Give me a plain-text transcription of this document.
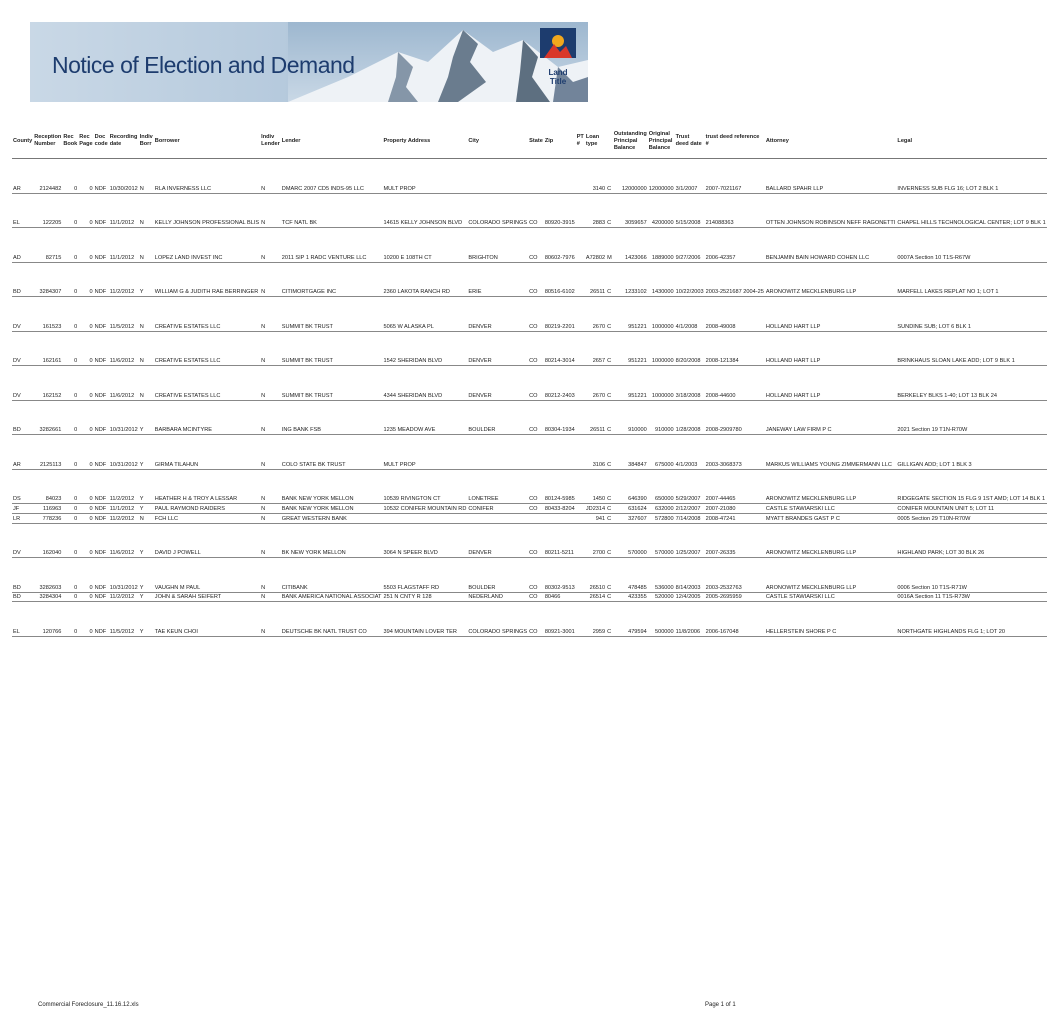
Notice of Election and Demand	Land Title
County	Reception Number	Rec Book	Rec Page	Doc code	Recording date	Indiv Borr	Borrower	Indiv Lender	Lender	Property Address	City	State	Zip	PT #	Loan type		Outstanding Principal Balance	Original Principal Balance	Trust deed date	trust deed reference #	Attorney	Legal
AR	2124482	0	0	NDF	10/30/2012	N	RLA INVERNESS LLC	N	DMARC 2007 CD5 INDS-95 LLC	MULT PROP					3140	C	12000000	12000000	3/1/2007	2007-7021167	BALLARD SPAHR LLP	INVERNESS SUB FLG 16; LOT 2 BLK 1
EL	122205	0	0	NDF	11/1/2012	N	KELLY JOHNSON PROFESSIONAL BLIS	N	TCF NATL BK	14615 KELLY JOHNSON BLVD	COLORADO SPRINGS	CO	80920-3915		2883	C	3059657	4200000	5/15/2008	214088363	OTTEN JOHNSON ROBINSON NEFF RAGONETTI	CHAPEL HILLS TECHNOLOGICAL CENTER; LOT 9 BLK 1
AD	82715	0	0	NDF	11/1/2012	N	LOPEZ LAND INVEST INC	N	2011 SIP 1 RADC VENTURE LLC	10200 E 108TH CT	BRIGHTON	CO	80602-7976		A72802	M	1423066	1889000	9/27/2006	2006-42357	BENJAMIN BAIN HOWARD COHEN LLC	0007A Section 10 T1S-R67W
BD	3284307	0	0	NDF	11/2/2012	Y	WILLIAM G & JUDITH RAE BERRINGER	N	CITIMORTGAGE INC	2360 LAKOTA RANCH RD	ERIE	CO	80516-6102		26511	C	1233102	1430000	10/22/2003	2003-2521687 2004-25	ARONOWITZ MECKLENBURG LLP	MARFELL LAKES REPLAT NO 1; LOT 1
DV	161523	0	0	NDF	11/5/2012	N	CREATIVE ESTATES LLC	N	SUMMIT BK TRUST	5065 W ALASKA PL	DENVER	CO	80219-2201		2670	C	951221	1000000	4/1/2008	2008-49008	HOLLAND HART LLP	SUNDINE SUB; LOT 6 BLK 1
DV	162161	0	0	NDF	11/6/2012	N	CREATIVE ESTATES LLC	N	SUMMIT BK TRUST	1542 SHERIDAN BLVD	DENVER	CO	80214-3014		2657	C	951221	1000000	8/20/2008	2008-121384	HOLLAND HART LLP	BRINKHAUS SLOAN LAKE ADD; LOT 9 BLK 1
DV	162152	0	0	NDF	11/6/2012	N	CREATIVE ESTATES LLC	N	SUMMIT BK TRUST	4344 SHERIDAN BLVD	DENVER	CO	80212-2403		2670	C	951221	1000000	3/18/2008	2008-44600	HOLLAND HART LLP	BERKELEY BLKS 1-40; LOT 13 BLK 24
BD	3282661	0	0	NDF	10/31/2012	Y	BARBARA MCINTYRE	N	ING BANK FSB	1235 MEADOW AVE	BOULDER	CO	80304-1934		26511	C	910000	910000	1/28/2008	2008-2909780	JANEWAY LAW FIRM P C	2021 Section 19 T1N-R70W
AR	2125113	0	0	NDF	10/31/2012	Y	GIRMA TILAHUN	N	COLO STATE BK TRUST	MULT PROP					3106	C	384847	675000	4/1/2003	2003-3068373	MARKUS WILLIAMS YOUNG ZIMMERMANN LLC	GILLIGAN ADD; LOT 1 BLK 3
DS	84023	0	0	NDF	11/2/2012	Y	HEATHER H & TROY A LESSAR	N	BANK NEW YORK MELLON	10539 RIVINGTON CT	LONETREE	CO	80124-5985		1450	C	646390	650000	5/29/2007	2007-44465	ARONOWITZ MECKLENBURG LLP	RIDGEGATE SECTION 15 FLG 9 1ST AMD; LOT 14 BLK 1
JF	116963	0	0	NDF	11/1/2012	Y	PAUL RAYMOND RAIDERS	N	BANK NEW YORK MELLON	10532 CONIFER MOUNTAIN RD	CONIFER	CO	80433-8204		JD2314	C	631624	632000	2/12/2007	2007-21080	CASTLE STAWIARSKI LLC	CONIFER MOUNTAIN UNIT 5; LOT 11
LR	778236	0	0	NDF	11/2/2012	N	FCH LLC	N	GREAT WESTERN BANK						941	C	327607	572800	7/14/2008	2008-47241	MYATT BRANDES GAST P C	0005 Section 29 T10N-R70W
DV	162040	0	0	NDF	11/6/2012	Y	DAVID J POWELL	N	BK NEW YORK MELLON	3064 N SPEER BLVD	DENVER	CO	80211-5211		2700	C	570000	570000	1/25/2007	2007-26335	ARONOWITZ MECKLENBURG LLP	HIGHLAND PARK; LOT 30 BLK 26
BD	3282603	0	0	NDF	10/31/2012	Y	VAUGHN M PAUL	N	CITIBANK	5503 FLAGSTAFF RD	BOULDER	CO	80302-9513		26510	C	478485	536000	8/14/2003	2003-2532763	ARONOWITZ MECKLENBURG LLP	0006 Section 10 T1S-R71W
BD	3284304	0	0	NDF	11/2/2012	Y	JOHN & SARAH SEIFERT	N	BANK AMERICA NATIONAL ASSOCIAT	251 N CNTY R 128	NEDERLAND	CO	80466		26514	C	423355	520000	12/4/2005	2005-2695959	CASTLE STAWIARSKI LLC	0016A Section 11 T1S-R73W
EL	120766	0	0	NDF	11/5/2012	Y	TAE KEUN CHOI	N	DEUTSCHE BK NATL TRUST CO	394 MOUNTAIN LOVER TER	COLORADO SPRINGS	CO	80921-3001		2959	C	479594	500000	11/8/2006	2006-167048	HELLERSTEIN SHORE P C	NORTHGATE HIGHLANDS FLG 1; LOT 20
Commercial Foreclosure_11.16.12.xls	Page 1 of 1
